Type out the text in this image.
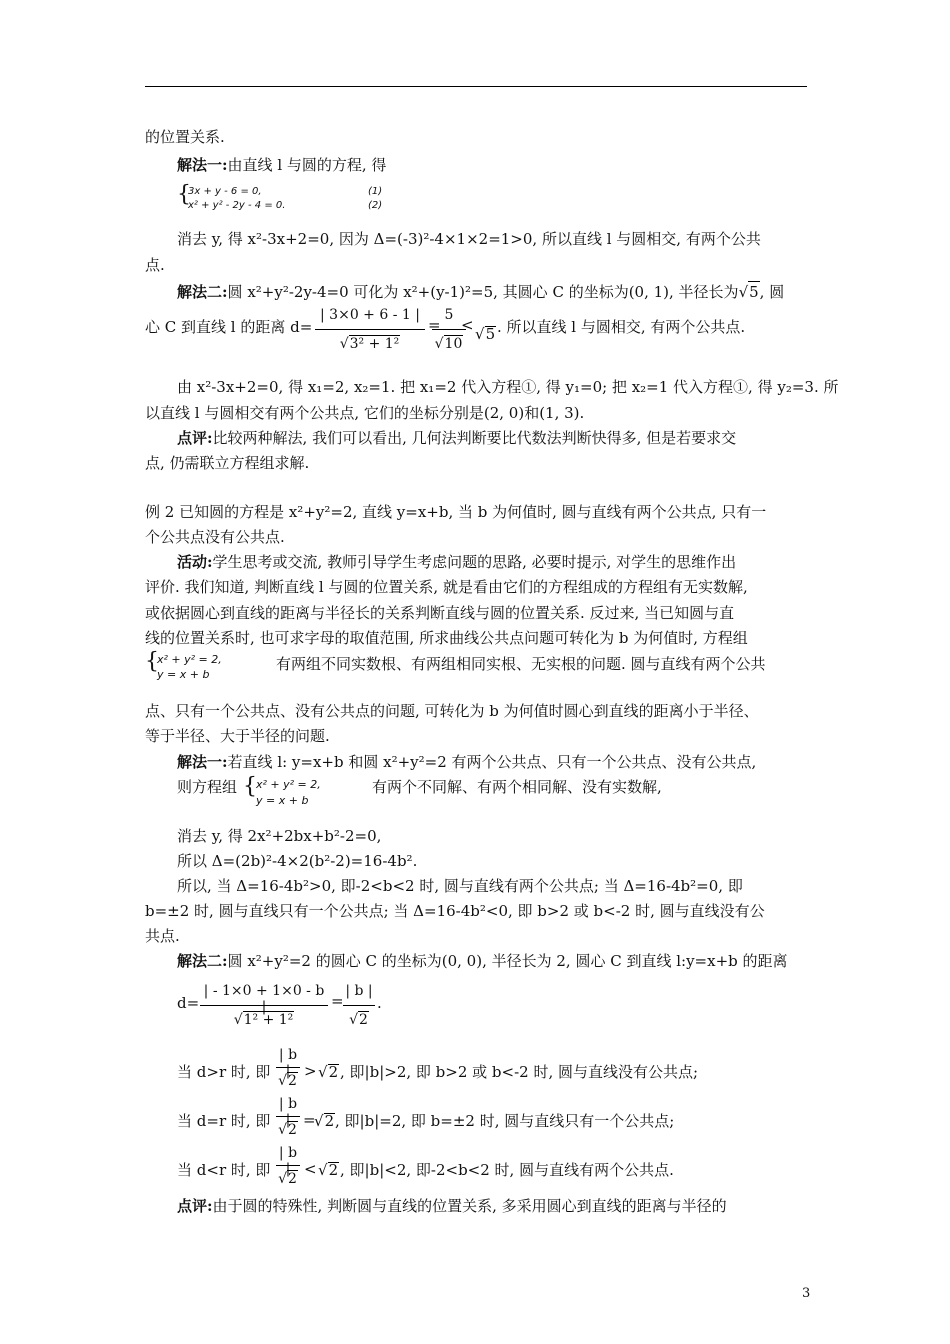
的位置关系.
解法一:由直线 l 与圆的方程, 得
{
3x + y - 6 = 0,
x² + y² - 2y - 4 = 0.
(1)
(2)
消去 y, 得 x²-3x+2=0, 因为 Δ=(-3)²-4×1×2=1>0, 所以直线 l 与圆相交, 有两个公共
点.
解法二:圆 x²+y²-2y-4=0 可化为 x²+(y-1)²=5, 其圆心 C 的坐标为(0, 1), 半径长为√5, 圆
心 C 到直线 l 的距离 d=
| 3×0 + 6 - 1 |
√3² + 1²
=
5
√10
< √5 . 所以直线 l 与圆相交, 有两个公共点.
由 x²-3x+2=0, 得 x₁=2, x₂=1. 把 x₁=2 代入方程①, 得 y₁=0; 把 x₂=1 代入方程①, 得 y₂=3. 所
以直线 l 与圆相交有两个公共点, 它们的坐标分别是(2, 0)和(1, 3).
点评:比较两种解法, 我们可以看出, 几何法判断要比代数法判断快得多, 但是若要求交
点, 仍需联立方程组求解.
例 2 已知圆的方程是 x²+y²=2, 直线 y=x+b, 当 b 为何值时, 圆与直线有两个公共点, 只有一
个公共点没有公共点.
活动:学生思考或交流, 教师引导学生考虑问题的思路, 必要时提示, 对学生的思维作出
评价. 我们知道, 判断直线 l 与圆的位置关系, 就是看由它们的方程组成的方程组有无实数解,
或依据圆心到直线的距离与半径长的关系判断直线与圆的位置关系. 反过来, 当已知圆与直
线的位置关系时, 也可求字母的取值范围, 所求曲线公共点问题可转化为 b 为何值时, 方程组
{
x² + y² = 2,
y = x + b
有两组不同实数根、有两组相同实根、无实根的问题. 圆与直线有两个公共
点、只有一个公共点、没有公共点的问题, 可转化为 b 为何值时圆心到直线的距离小于半径、
等于半径、大于半径的问题.
解法一:若直线 l: y=x+b 和圆 x²+y²=2 有两个公共点、只有一个公共点、没有公共点,
则方程组 { x² + y² = 2,
y = x + b
有两个不同解、有两个相同解、没有实数解,
消去 y, 得 2x²+2bx+b²-2=0,
所以 Δ=(2b)²-4×2(b²-2)=16-4b².
所以, 当 Δ=16-4b²>0, 即-2<b<2 时, 圆与直线有两个公共点; 当 Δ=16-4b²=0, 即
b=±2 时, 圆与直线只有一个公共点; 当 Δ=16-4b²<0, 即 b>2 或 b<-2 时, 圆与直线没有公
共点.
解法二:圆 x²+y²=2 的圆心 C 的坐标为(0, 0), 半径长为 2, 圆心 C 到直线 l:y=x+b 的距离
d=
| - 1×0 + 1×0 - b |
√1² + 1²
=
| b |
√2
.
当 d>r 时, 即
| b |
√2
> √2 , 即|b|>2, 即 b>2 或 b<-2 时, 圆与直线没有公共点;
当 d=r 时, 即
| b |
√2
=
√2 , 即|b|=2, 即 b=±2 时, 圆与直线只有一个公共点;
当 d<r 时, 即
| b |
√2
< √2 , 即|b|<2, 即-2<b<2 时, 圆与直线有两个公共点.
点评:由于圆的特殊性, 判断圆与直线的位置关系, 多采用圆心到直线的距离与半径的
3
